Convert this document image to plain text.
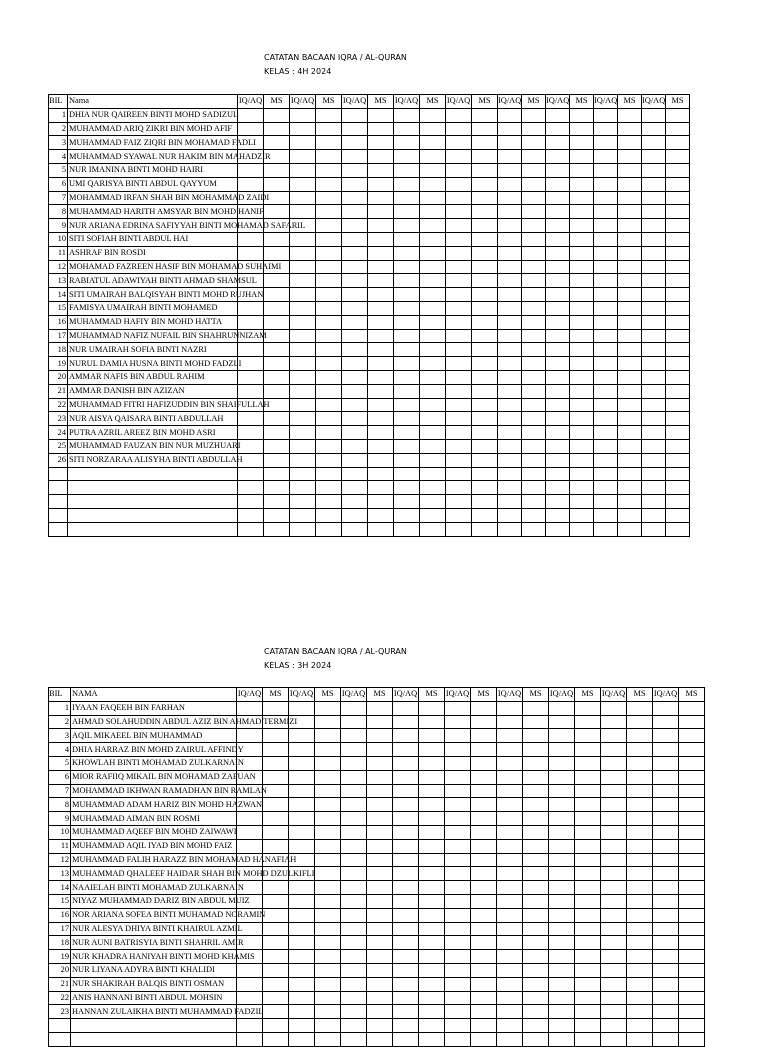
CATATAN BACAAN IQRA / AL-QURAN
KELAS : 4H 2024
BIL	Nama	IQ/AQ	MS	IQ/AQ	MS	IQ/AQ	MS	IQ/AQ	MS	IQ/AQ	MS	IQ/AQ	MS	IQ/AQ	MS	IQ/AQ	MS	IQ/AQ	MS
1	DHIA NUR QAIREEN BINTI MOHD SADIZUL																		
2	MUHAMMAD ARIQ ZIKRI BIN MOHD AFIF																		
3	MUHAMMAD FAIZ ZIQRI BIN MOHAMAD FADLI																		
4	MUHAMMAD SYAWAL NUR HAKIM BIN MAHADZIR																		
5	NUR IMANINA BINTI MOHD HAIRI																		
6	UMI QARISYA BINTI ABDUL QAYYUM																		
7	MOHAMMAD IRFAN SHAH BIN MOHAMMAD ZAIDI																		
8	MUHAMMAD HARITH AMSYAR BIN MOHD HANIF																		
9	NUR ARIANA EDRINA SAFIYYAH BINTI MOHAMAD SAFARIL																		
10	SITI SOFIAH BINTI ABDUL HAI																		
11	ASHRAF BIN ROSDI																		
12	MOHAMAD FAZREEN HASIF BIN MOHAMAD SUHAIMI																		
13	RABIATUL ADAWIYAH BINTI AHMAD SHAMSUL																		
14	SITI UMAIRAH BALQISYAH BINTI MOHD RUJHAN																		
15	FAMISYA UMAIRAH BINTI MOHAMED																		
16	MUHAMMAD HAFIY BIN MOHD HATTA																		
17	MUHAMMAD NAFIZ NUFAIL BIN SHAHRUNNIZAM																		
18	NUR UMAIRAH SOFIA BINTI NAZRI																		
19	NURUL DAMIA HUSNA BINTI MOHD FADZLI																		
20	AMMAR NAFIS BIN ABDUL RAHIM																		
21	AMMAR DANISH BIN AZIZAN																		
22	MUHAMMAD FITRI HAFIZUDDIN BIN SHAIFULLAH																		
23	NUR AISYA QAISARA BINTI ABDULLAH																		
24	PUTRA AZRIL AREEZ BIN MOHD ASRI																		
25	MUHAMMAD FAUZAN BIN NUR MUZHUARI																		
26	SITI NORZARAA ALISYHA BINTI ABDULLAH																		

CATATAN BACAAN IQRA / AL-QURAN
KELAS : 3H 2024
BIL	NAMA	IQ/AQ	MS	IQ/AQ	MS	IQ/AQ	MS	IQ/AQ	MS	IQ/AQ	MS	IQ/AQ	MS	IQ/AQ	MS	IQ/AQ	MS	IQ/AQ	MS
1	IYAAN FAQEEH BIN FARHAN																		
2	AHMAD SOLAHUDDIN ABDUL AZIZ BIN AHMAD TERMIZI																		
3	AQIL MIKAEEL BIN MUHAMMAD																		
4	DHIA HARRAZ BIN MOHD ZAIRUL AFFINDY																		
5	KHOWLAH BINTI MOHAMAD ZULKARNAIN																		
6	MIOR RAFIIQ MIKAIL BIN MOHAMAD ZAFUAN																		
7	MOHAMMAD IKHWAN RAMADHAN BIN RAMLAN																		
8	MUHAMMAD ADAM HARIZ BIN MOHD HAZWAN																		
9	MUHAMMAD AIMAN BIN ROSMI																		
10	MUHAMMAD AQEEF BIN MOHD ZAIWAWI																		
11	MUHAMMAD AQIL IYAD BIN MOHD FAIZ																		
12	MUHAMMAD FALIH HARAZZ BIN MOHAMAD HANAFIAH																		
13	MUHAMMAD QHALEEF HAIDAR SHAH BIN MOHD DZULKIFLI																		
14	NAAIELAH BINTI MOHAMAD ZULKARNAIN																		
15	NIYAZ MUHAMMAD DARIZ BIN ABDUL MUIZ																		
16	NOR ARIANA SOFEA BINTI MUHAMAD NORAMIN																		
17	NUR ALESYA DHIYA BINTI KHAIRUL AZMIL																		
18	NUR AUNI BATRISYIA BINTI SHAHRIL AMIR																		
19	NUR KHADRA HANIYAH BINTI MOHD KHAMIS																		
20	NUR LIYANA ADYRA BINTI KHALIDI																		
21	NUR SHAKIRAH BALQIS BINTI OSMAN																		
22	ANIS HANNANI BINTI ABDUL MOHSIN																		
23	HANNAN ZULAIKHA BINTI MUHAMMAD FADZIL																		
